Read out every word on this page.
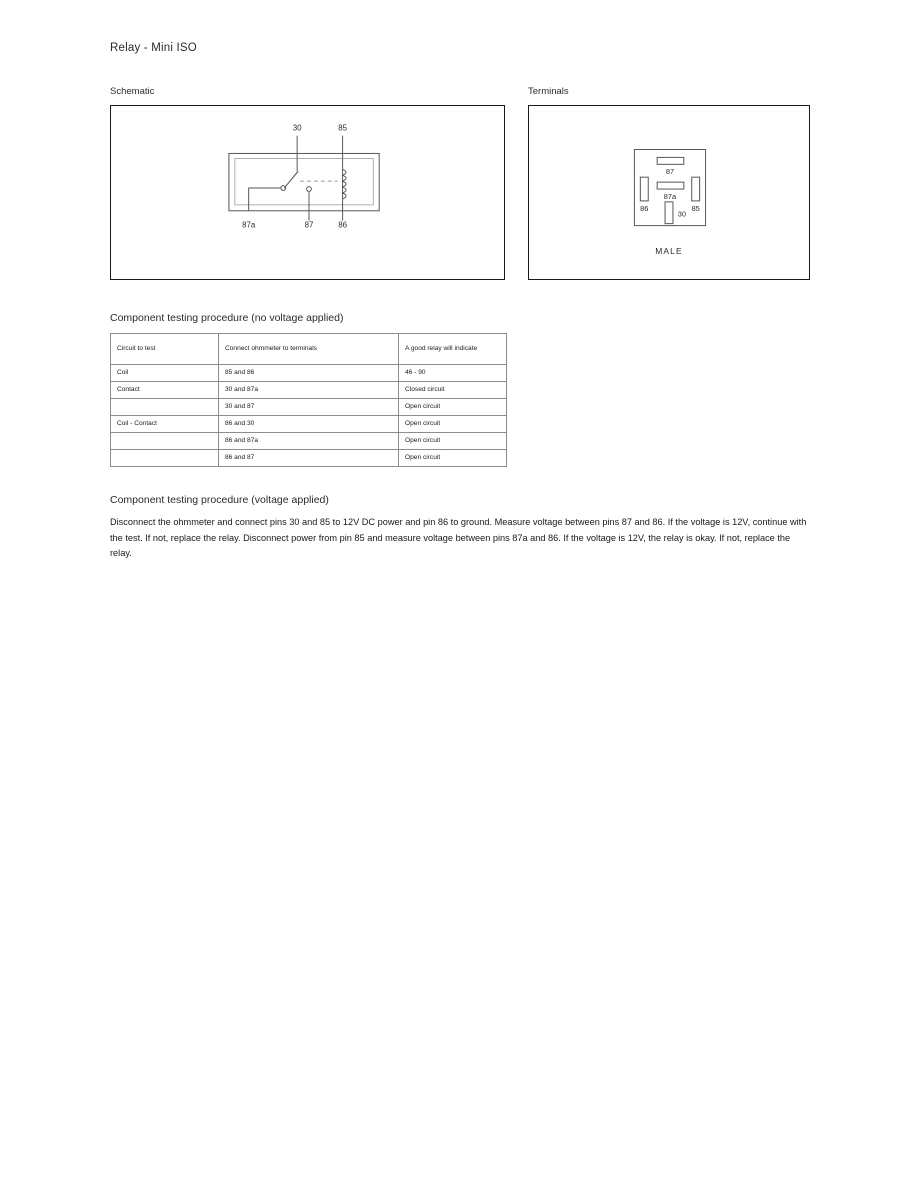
Relay - Mini ISO
Schematic
30	85
87a	87	86
Terminals
87
86
87a
85
30
MALE
Component testing procedure (no voltage applied)
Circuit to test	Connect ohmmeter to terminals	A good relay will indicate
Coil	85 and 86	46 - 90
Contact	30 and 87a	Closed circuit
	30 and 87	Open circuit
Coil - Contact	86 and 30	Open circuit
	86 and 87a	Open circuit
	86 and 87	Open circuit
Component testing procedure (voltage applied)
Disconnect the ohmmeter and connect pins 30 and 85 to 12V DC power and pin 86 to ground. Measure voltage between pins 87 and 86. If the voltage is 12V, continue with the test. If not, replace the relay. Disconnect power from pin 85 and measure voltage between pins 87a and 86. If the voltage is 12V, the relay is okay. If not, replace the relay.
